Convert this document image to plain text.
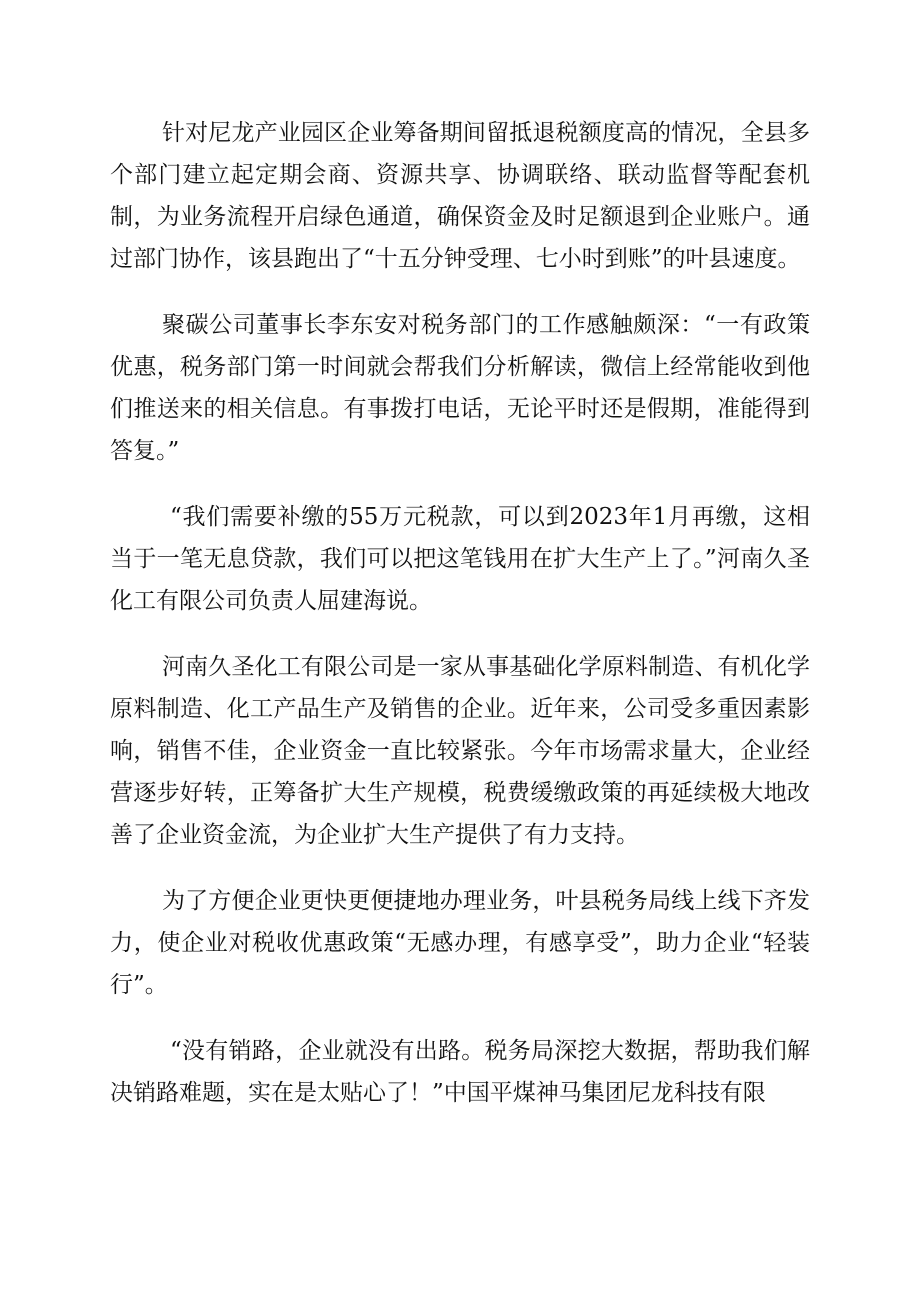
针对尼龙产业园区企业筹备期间留抵退税额度高的情况，全县多个部门建立起定期会商、资源共享、协调联络、联动监督等配套机制，为业务流程开启绿色通道，确保资金及时足额退到企业账户。通过部门协作，该县跑出了“十五分钟受理、七小时到账”的叶县速度。

聚碳公司董事长李东安对税务部门的工作感触颇深：“一有政策优惠，税务部门第一时间就会帮我们分析解读，微信上经常能收到他们推送来的相关信息。有事拨打电话，无论平时还是假期，准能得到答复。”

“我们需要补缴的55万元税款，可以到2023年1月再缴，这相当于一笔无息贷款，我们可以把这笔钱用在扩大生产上了。”河南久圣化工有限公司负责人屈建海说。

河南久圣化工有限公司是一家从事基础化学原料制造、有机化学原料制造、化工产品生产及销售的企业。近年来，公司受多重因素影响，销售不佳，企业资金一直比较紧张。今年市场需求量大，企业经营逐步好转，正筹备扩大生产规模，税费缓缴政策的再延续极大地改善了企业资金流，为企业扩大生产提供了有力支持。

为了方便企业更快更便捷地办理业务，叶县税务局线上线下齐发力，使企业对税收优惠政策“无感办理，有感享受”，助力企业“轻装行”。

“没有销路，企业就没有出路。税务局深挖大数据，帮助我们解决销路难题，实在是太贴心了！”中国平煤神马集团尼龙科技有限
